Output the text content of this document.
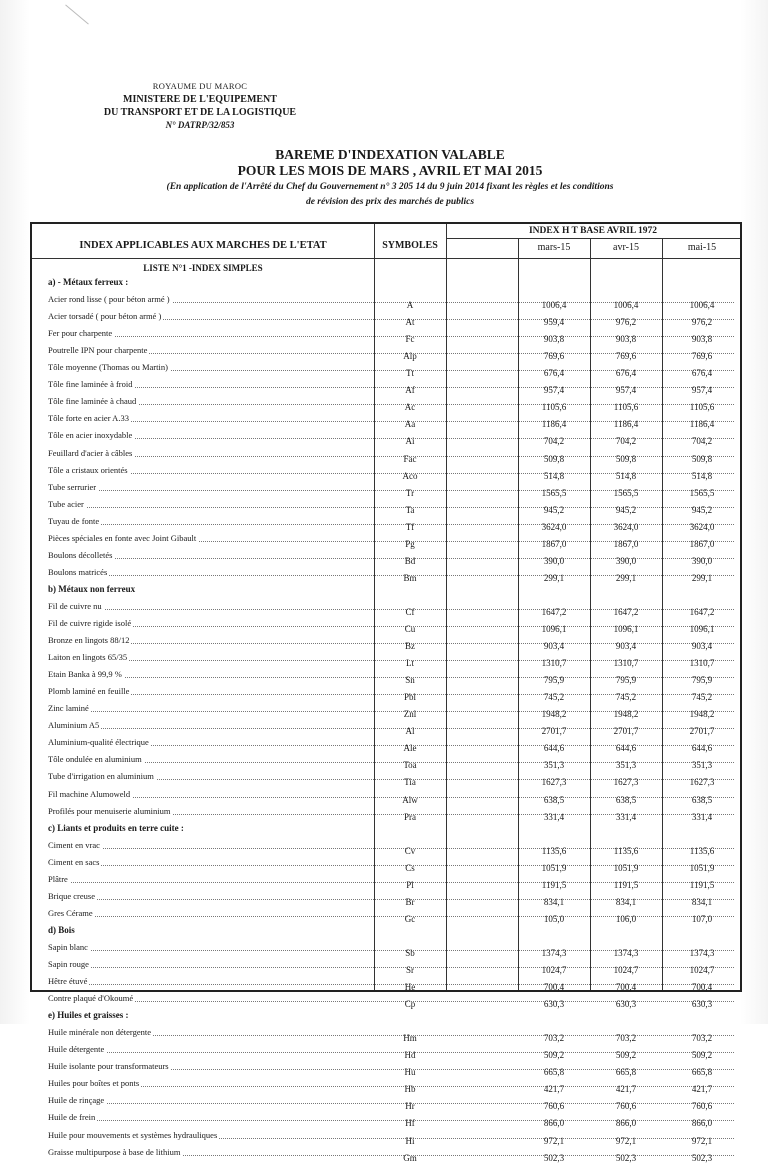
ROYAUME DU MAROC
MINISTERE DE L'EQUIPEMENT
DU TRANSPORT ET DE LA LOGISTIQUE
N° DATRP/32/853
BAREME D'INDEXATION VALABLE
POUR LES MOIS DE MARS , AVRIL ET MAI 2015
(En application de l'Arrêté du Chef du Gouvernement n° 3 205 14 du 9 juin 2014 fixant les règles et les conditions
de révision des prix des marchés de publics
INDEX APPLICABLES AUX MARCHES DE L'ETAT	SYMBOLES
INDEX H T BASE AVRIL 1972
mars-15	avr-15	mai-15
LISTE N°1 -INDEX SIMPLES
a) - Métaux ferreux :
Acier rond lisse ( pour béton armé )
A	1006,4	1006,4	1006,4
Acier torsadé ( pour béton armé )
At	959,4	976,2	976,2
Fer pour charpente
Fc	903,8	903,8	903,8
Poutrelle IPN pour charpente
Alp	769,6	769,6	769,6
Tôle moyenne (Thomas ou Martin)
Tt	676,4	676,4	676,4
Tôle fine laminée à froid
Af	957,4	957,4	957,4
Tôle fine laminée à chaud
Ac	1105,6	1105,6	1105,6
Tôle forte en acier A.33
Aa	1186,4	1186,4	1186,4
Tôle en acier inoxydable
Ai	704,2	704,2	704,2
Feuillard d'acier à câbles
Fac	509,8	509,8	509,8
Tôle a cristaux orientés
Aco	514,8	514,8	514,8
Tube serrurier
Tr	1565,5	1565,5	1565,5
Tube acier
Ta	945,2	945,2	945,2
Tuyau de fonte
Tf	3624,0	3624,0	3624,0
Pièces spéciales en fonte avec Joint Gibault
Pg	1867,0	1867,0	1867,0
Boulons décolletés
Bd	390,0	390,0	390,0
Boulons matricés
Bm	299,1	299,1	299,1
b) Métaux non ferreux
Fil de cuivre nu
Cf	1647,2	1647,2	1647,2
Fil de cuivre rigide isolé
Cu	1096,1	1096,1	1096,1
Bronze en lingots 88/12
Bz	903,4	903,4	903,4
Laiton en lingots 65/35
Lt	1310,7	1310,7	1310,7
Etain Banka à 99,9 %
Sn	795,9	795,9	795,9
Plomb laminé en feuille
Pbl	745,2	745,2	745,2
Zinc laminé
Znl	1948,2	1948,2	1948,2
Aluminium A5
Al	2701,7	2701,7	2701,7
Aluminium-qualité électrique
Ale	644,6	644,6	644,6
Tôle ondulée en aluminium
Toa	351,3	351,3	351,3
Tube d'irrigation en aluminium
Tia	1627,3	1627,3	1627,3
Fil machine Alumoweld
Alw	638,5	638,5	638,5
Profilés pour menuiserie aluminium
Pra	331,4	331,4	331,4
c) Liants et produits en terre cuite :
Ciment en vrac
Cv	1135,6	1135,6	1135,6
Ciment en sacs
Cs	1051,9	1051,9	1051,9
Plâtre
Pl	1191,5	1191,5	1191,5
Brique creuse
Br	834,1	834,1	834,1
Gres Cérame
Gc	105,0	106,0	107,0
d) Bois
Sapin blanc
Sb	1374,3	1374,3	1374,3
Sapin rouge
Sr	1024,7	1024,7	1024,7
Hêtre étuvé
He	700,4	700,4	700,4
Contre plaqué d'Okoumé
Cp	630,3	630,3	630,3
e) Huiles et graisses :
Huile minérale non détergente
Hm	703,2	703,2	703,2
Huile détergente
Hd	509,2	509,2	509,2
Huile isolante pour transformateurs
Hu	665,8	665,8	665,8
Huiles pour boîtes et ponts
Hb	421,7	421,7	421,7
Huile de rinçage
Hr	760,6	760,6	760,6
Huile de frein
Hf	866,0	866,0	866,0
Huile pour mouvements et systèmes hydrauliques
Hi	972,1	972,1	972,1
Graisse multipurpose à base de lithium
Gm	502,3	502,3	502,3
